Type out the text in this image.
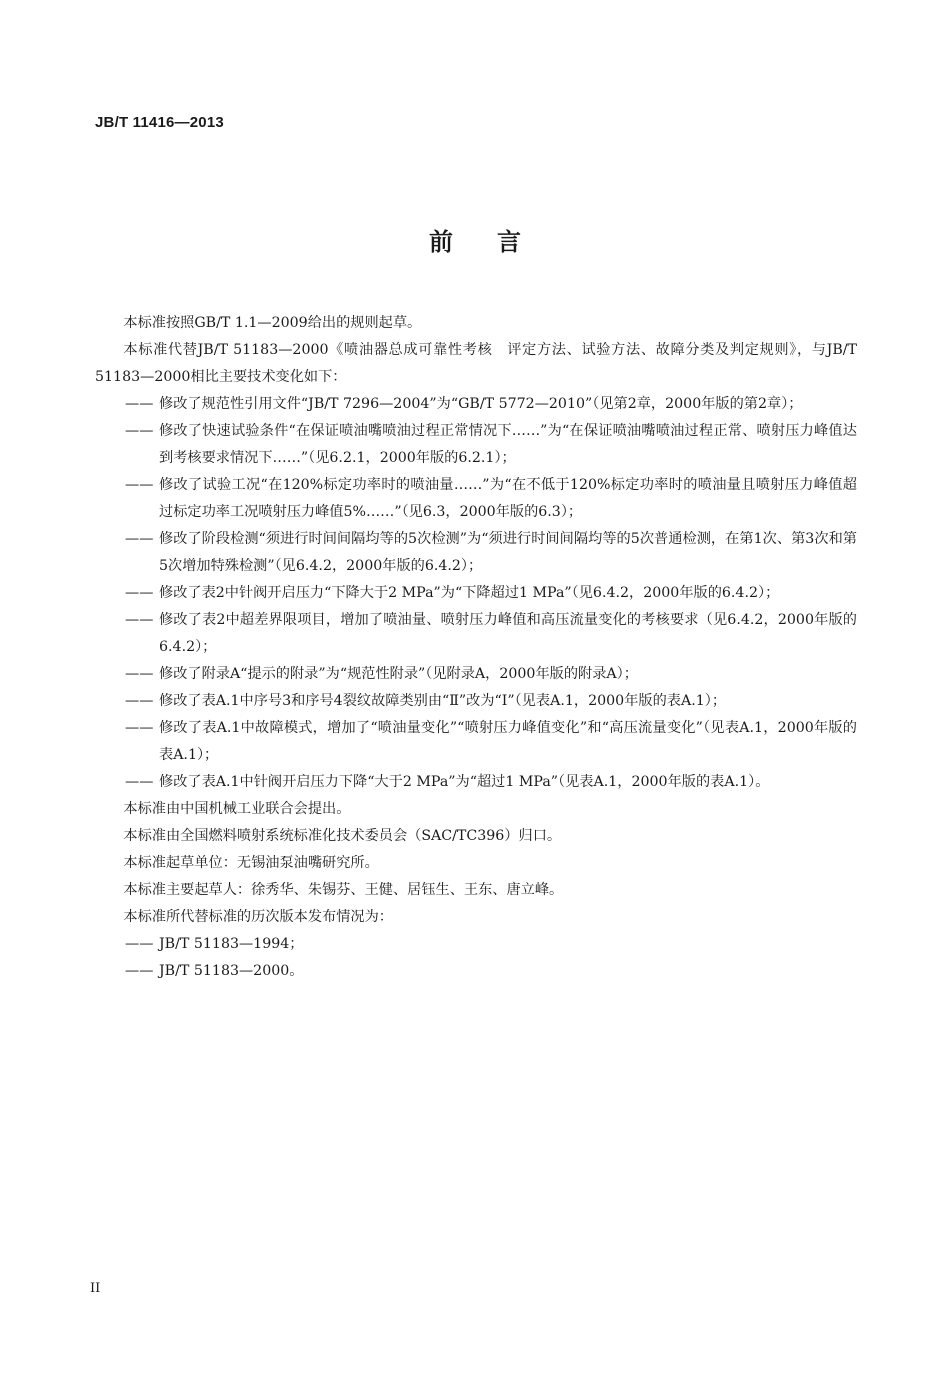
JB/T 11416—2013
前言

本标准按照GB/T 1.1—2009给出的规则起草。

本标准代替JB/T 51183—2000《喷油器总成可靠性考核　评定方法、试验方法、故障分类及判定规则》，与JB/T 51183—2000相比主要技术变化如下：

—— 修改了规范性引用文件“JB/T 7296—2004”为“GB/T 5772—2010”（见第2章，2000年版的第2章）；
—— 修改了快速试验条件“在保证喷油嘴喷油过程正常情况下……”为“在保证喷油嘴喷油过程正常、喷射压力峰值达到考核要求情况下……”（见6.2.1，2000年版的6.2.1）；
—— 修改了试验工况“在120%标定功率时的喷油量……”为“在不低于120%标定功率时的喷油量且喷射压力峰值超过标定功率工况喷射压力峰值5%……”（见6.3，2000年版的6.3）；
—— 修改了阶段检测“须进行时间间隔均等的5次检测”为“须进行时间间隔均等的5次普通检测，在第1次、第3次和第5次增加特殊检测”（见6.4.2，2000年版的6.4.2）；
—— 修改了表2中针阀开启压力“下降大于2 MPa”为“下降超过1 MPa”（见6.4.2，2000年版的6.4.2）；
—— 修改了表2中超差界限项目，增加了喷油量、喷射压力峰值和高压流量变化的考核要求（见6.4.2，2000年版的6.4.2）；
—— 修改了附录A“提示的附录”为“规范性附录”（见附录A，2000年版的附录A）；
—— 修改了表A.1中序号3和序号4裂纹故障类别由“Ⅱ”改为“Ⅰ”（见表A.1，2000年版的表A.1）；
—— 修改了表A.1中故障模式，增加了“喷油量变化”“喷射压力峰值变化”和“高压流量变化”（见表A.1，2000年版的表A.1）；
—— 修改了表A.1中针阀开启压力下降“大于2 MPa”为“超过1 MPa”（见表A.1，2000年版的表A.1）。

本标准由中国机械工业联合会提出。

本标准由全国燃料喷射系统标准化技术委员会（SAC/TC396）归口。

本标准起草单位：无锡油泵油嘴研究所。

本标准主要起草人：徐秀华、朱锡芬、王健、居钰生、王东、唐立峰。

本标准所代替标准的历次版本发布情况为：

—— JB/T 51183—1994；
—— JB/T 51183—2000。
II
